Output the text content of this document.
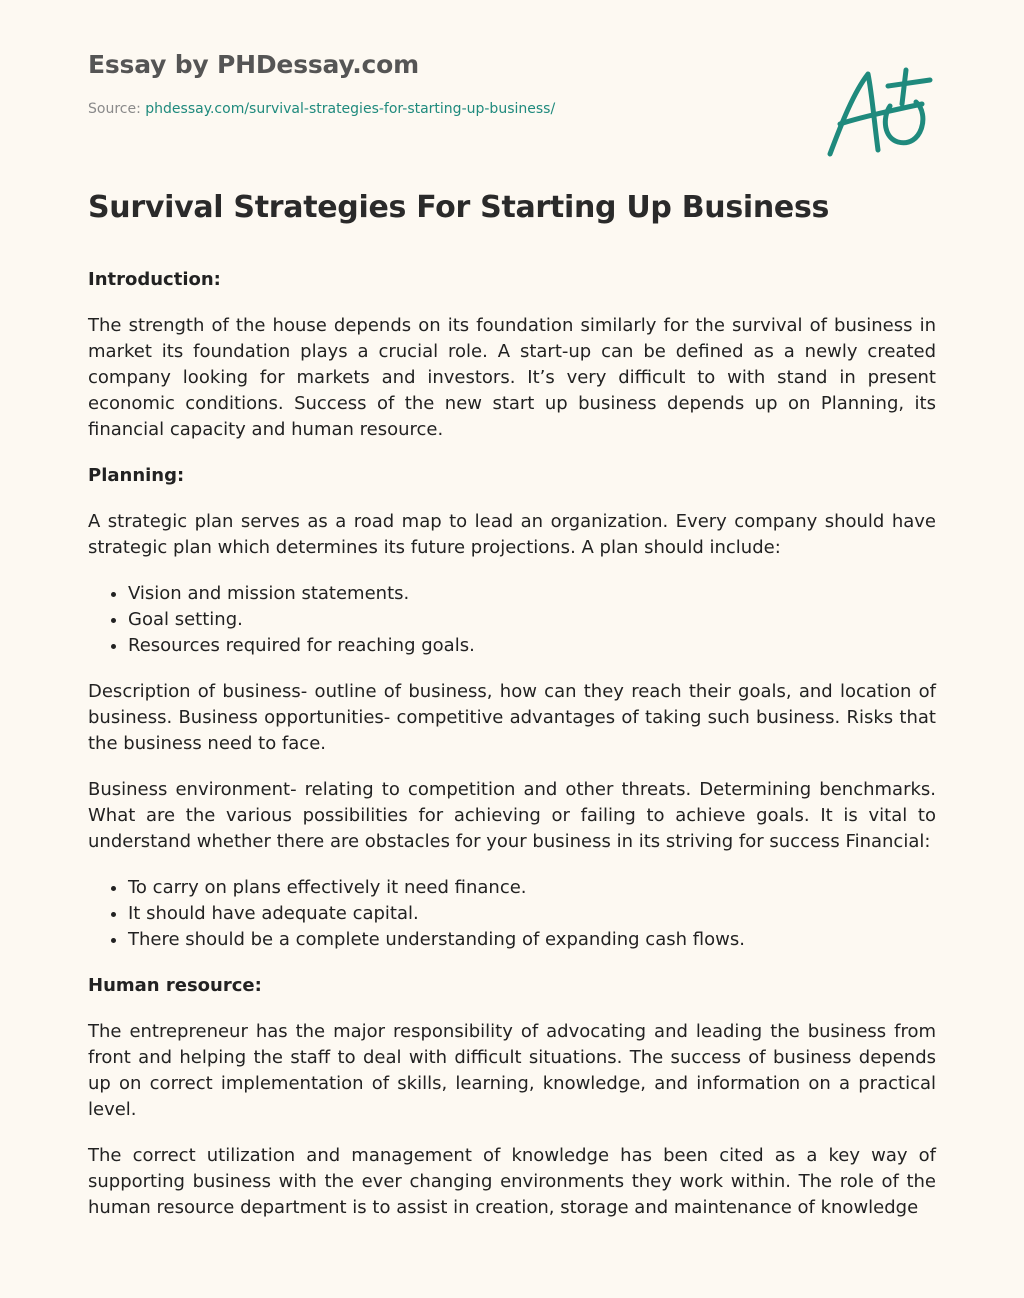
Essay by PHDessay.com
Source: phdessay.com/survival-strategies-for-starting-up-business/
Survival Strategies For Starting Up Business
Introduction:

The strength of the house depends on its foundation similarly for the survival of business in market its foundation plays a crucial role. A start-up can be defined as a newly created company looking for markets and investors. It’s very difficult to with stand in present economic conditions. Success of the new start up business depends up on Planning, its financial capacity and human resource.

Planning:

A strategic plan serves as a road map to lead an organization. Every company should have strategic plan which determines its future projections. A plan should include:

• Vision and mission statements.
• Goal setting.
• Resources required for reaching goals.

Description of business- outline of business, how can they reach their goals, and location of business. Business opportunities- competitive advantages of taking such business. Risks that the business need to face.

Business environment- relating to competition and other threats. Determining benchmarks. What are the various possibilities for achieving or failing to achieve goals. It is vital to understand whether there are obstacles for your business in its striving for success Financial:

• To carry on plans effectively it need finance.
• It should have adequate capital.
• There should be a complete understanding of expanding cash flows.
Human resource:

The entrepreneur has the major responsibility of advocating and leading the business from front and helping the staff to deal with difficult situations. The success of business depends up on correct implementation of skills, learning, knowledge, and information on a practical level.

The correct utilization and management of knowledge has been cited as a key way of supporting business with the ever changing environments they work within. The role of the human resource department is to assist in creation, storage and maintenance of knowledge
